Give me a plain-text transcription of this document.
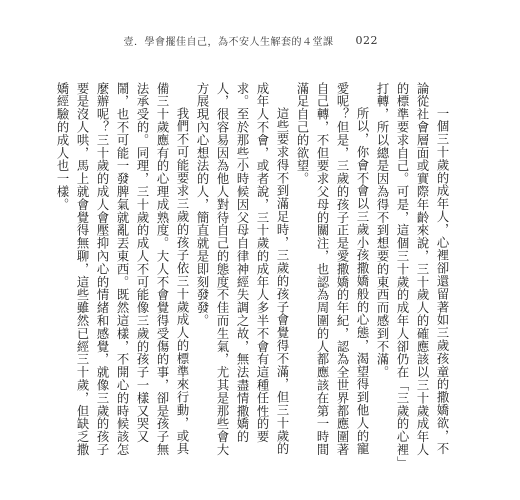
壹．學會擺佳自己，為不安人生解套的４堂課 022

一個三十歲的成年人，心裡卻還留著如三歲孩童的撒嬌欲，不論從社會層面或實際年齡來說，三十歲人的確應該以三十歲成年人的標準要求自己。可是，這個三十歲的成年人卻仍在「三歲的心裡」打轉，所以總是因為得不到想要的東西而感到不滿。

所以，你會不會以三歲小孩撒嬌般的心態，渴望得到他人的寵愛呢？但是，三歲的孩子正是愛撒嬌的年紀，認為全世界都應圍著自己轉，不但要求父母的關注，也認為周圍的人都應該在第一時間滿足自己的欲望。

這些要求得不到滿足時，三歲的孩子會覺得不滿，但三十歲的成年人不會，或者說，三十歲的成年人多半不會有這種任性的要求。至於那些小時候因父母自律神經失調之故，無法盡情撒嬌的人，很容易因為他人對待自己的態度不佳而生氣，尤其是那些會大方展現內心想法的人，簡直就是即刻發發。

我們不可能要求三歲的孩子依三十歲成人的標準來行動，或具備三十歲應有的心理成熟度。大人不會覺得受傷的事，卻是孩子無法承受的。同理，三十歲的成人不可能像三歲的孩子一樣又哭又鬧，也不可能一發脾氣就亂丟東西。既然這樣，不開心的時候該怎麼辦呢？三十歲的成人會壓抑內心的情緒和感覺，就像三歲的孩子要是沒人哄，馬上就會覺得無聊，這些雖然已經三十歲，但缺乏撒嬌經驗的成人也一樣。
